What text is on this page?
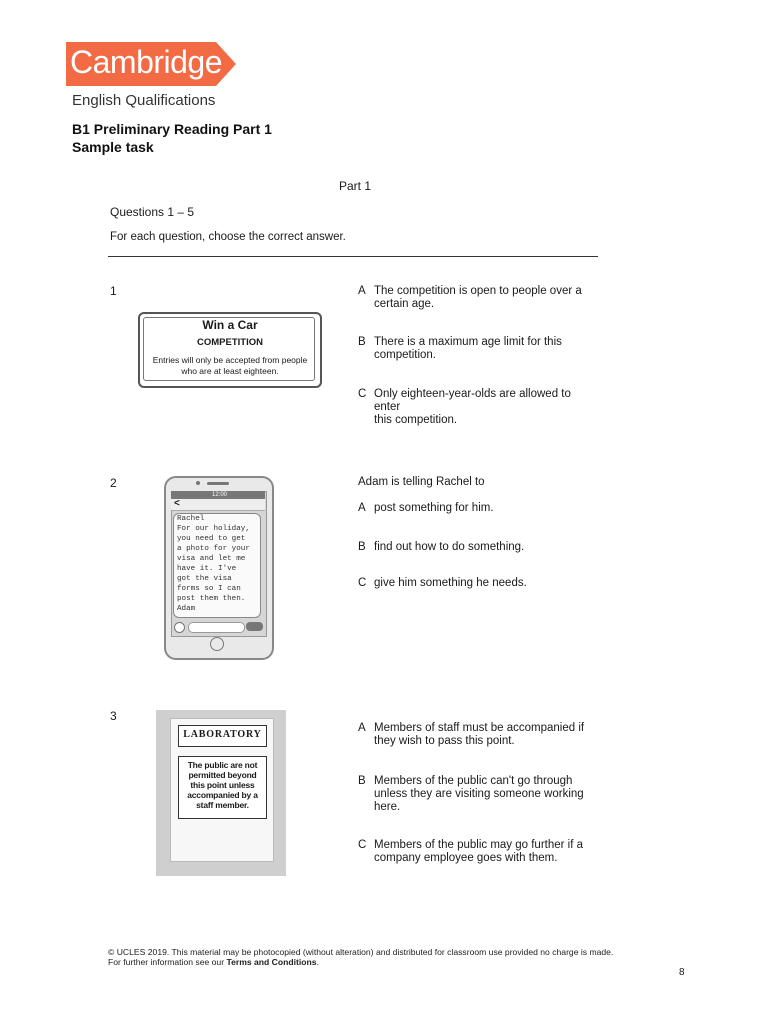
Cambridge
English Qualifications
B1 Preliminary Reading Part 1
Sample task
Part 1
Questions 1 – 5
For each question, choose the correct answer.
1
Win a Car
COMPETITION
Entries will only be accepted from people
who are at least eighteen.
A The competition is open to people over a
certain age.
B There is a maximum age limit for this
competition.
C Only eighteen-year-olds are allowed to enter
this competition.
2
12:00
<
Rachel
For our holiday,
you need to get
a photo for your
visa and let me
have it. I've
got the visa
forms so I can
post them then.
Adam
Adam is telling Rachel to
A post something for him.
B find out how to do something.
C give him something he needs.
3
LABORATORY
The public are not
permitted beyond
this point unless
accompanied by a
staff member.
A Members of staff must be accompanied if
they wish to pass this point.
B Members of the public can't go through
unless they are visiting someone working
here.
C Members of the public may go further if a
company employee goes with them.
© UCLES 2019. This material may be photocopied (without alteration) and distributed for classroom use provided no charge is made.
For further information see our Terms and Conditions.
8
